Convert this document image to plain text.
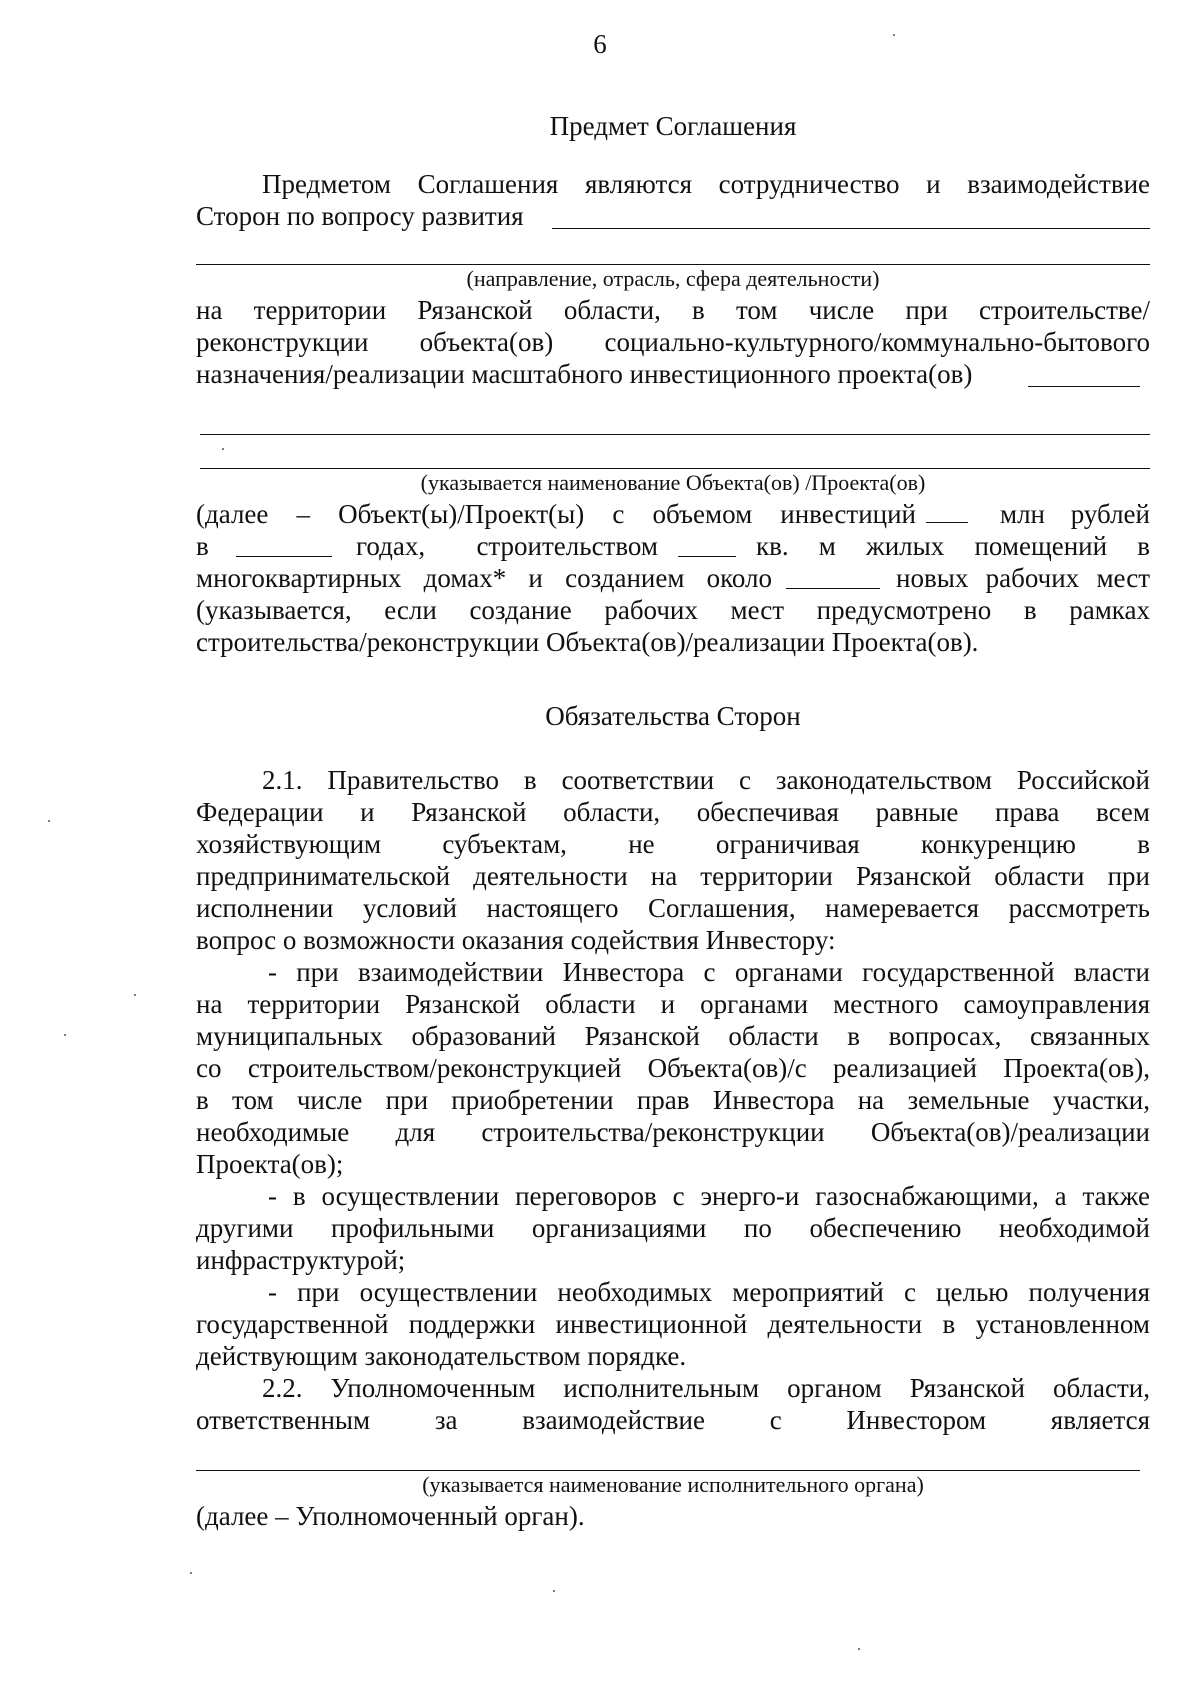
6
Предмет Соглашения
Предметом Соглашения являются сотрудничество и взаимодействие
Сторон по вопросу развития
(направление, отрасль, сфера деятельности)
на территории Рязанской области, в том числе при строительстве/
реконструкции объекта(ов) социально-культурного/коммунально-бытового
назначения/реализации масштабного инвестиционного проекта(ов)
(указывается наименование Объекта(ов) /Проекта(ов)
(далее – Объект(ы)/Проект(ы) с объемом инвестиций	млн рублей
в	годах, строительством	кв. м жилых помещений в
многоквартирных домах* и созданием около	новых рабочих мест
(указывается, если создание рабочих мест предусмотрено в рамках
строительства/реконструкции Объекта(ов)/реализации Проекта(ов).
Обязательства Сторон
2.1. Правительство в соответствии с законодательством Российской
Федерации и Рязанской области, обеспечивая равные права всем
хозяйствующим субъектам, не ограничивая конкуренцию в
предпринимательской деятельности на территории Рязанской области при
исполнении условий настоящего Соглашения, намеревается рассмотреть
вопрос о возможности оказания содействия Инвестору:
- при взаимодействии Инвестора с органами государственной власти
на территории Рязанской области и органами местного самоуправления
муниципальных образований Рязанской области в вопросах, связанных
со строительством/реконструкцией Объекта(ов)/с реализацией Проекта(ов),
в том числе при приобретении прав Инвестора на земельные участки,
необходимые для строительства/реконструкции Объекта(ов)/реализации
Проекта(ов);
- в осуществлении переговоров с энерго-и газоснабжающими, а также
другими профильными организациями по обеспечению необходимой
инфраструктурой;
- при осуществлении необходимых мероприятий с целью получения
государственной поддержки инвестиционной деятельности в установленном
действующим законодательством порядке.
2.2. Уполномоченным исполнительным органом Рязанской области,
ответственным за взаимодействие с Инвестором является
(указывается наименование исполнительного органа)
(далее – Уполномоченный орган).
